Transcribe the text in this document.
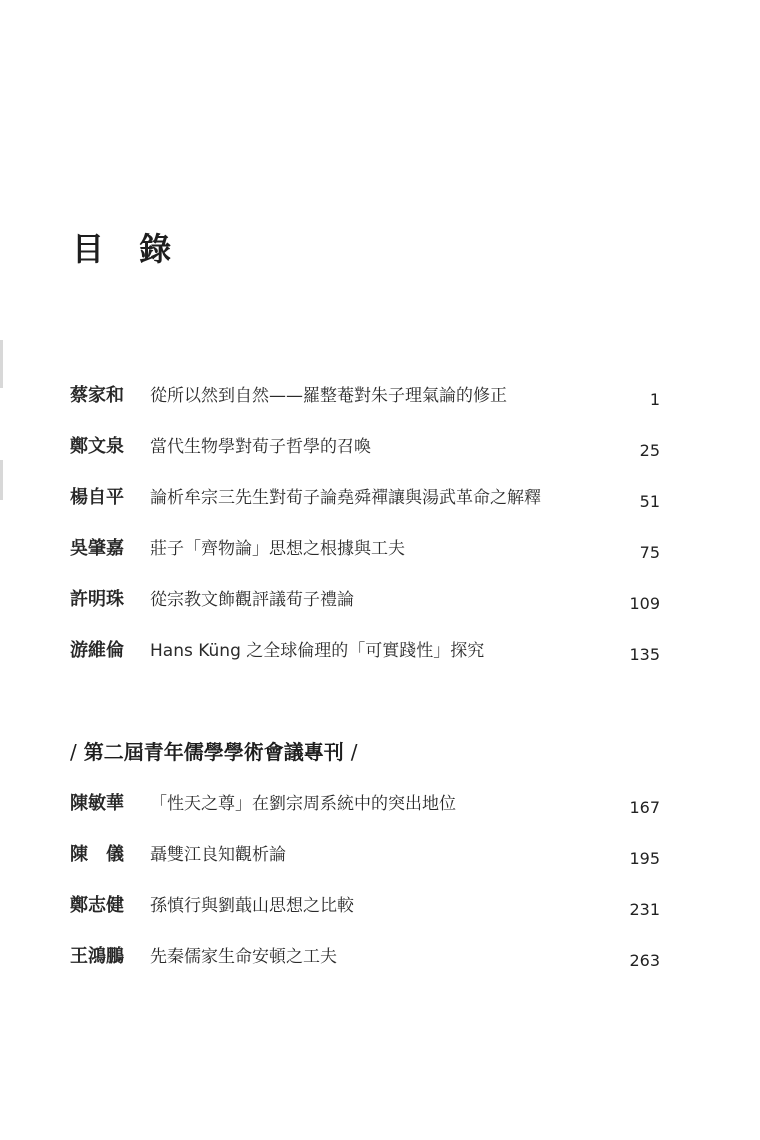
目 錄
蔡家和 從所以然到自然——羅整菴對朱子理氣論的修正	1
鄭文泉 當代生物學對荀子哲學的召喚	25
楊自平 論析牟宗三先生對荀子論堯舜禪讓與湯武革命之解釋	51
吳肇嘉 莊子「齊物論」思想之根據與工夫	75
許明珠 從宗教文飾觀評議荀子禮論	109
游維倫 Hans Küng 之全球倫理的「可實踐性」探究	135
/ 第二屆青年儒學學術會議專刊 /
陳敏華 「性天之尊」在劉宗周系統中的突出地位	167
陳　儀 聶雙江良知觀析論	195
鄭志健 孫慎行與劉蕺山思想之比較	231
王鴻鵬 先秦儒家生命安頓之工夫	263
